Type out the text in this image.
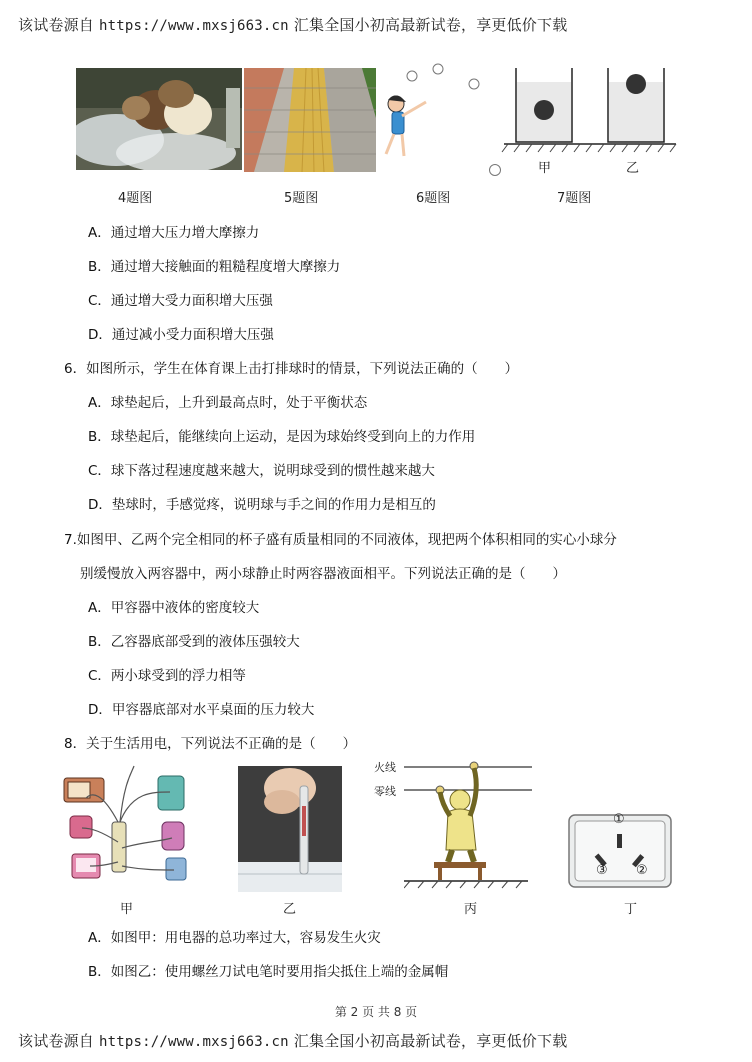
该试卷源自 https://www.mxsj663.cn 汇集全国小初高最新试卷，享更低价下载
甲	乙
4题图	5题图	6题图	7题图
A．通过增大压力增大摩擦力
B．通过增大接触面的粗糙程度增大摩擦力
C．通过增大受力面积增大压强
D．通过减小受力面积增大压强
6．如图所示，学生在体育课上击打排球时的情景，下列说法正确的（　　）
A．球垫起后，上升到最高点时，处于平衡状态
B．球垫起后，能继续向上运动，是因为球始终受到向上的力作用
C．球下落过程速度越来越大，说明球受到的惯性越来越大
D．垫球时，手感觉疼，说明球与手之间的作用力是相互的
7.如图甲、乙两个完全相同的杯子盛有质量相同的不同液体，现把两个体积相同的实心小球分
别缓慢放入两容器中，两小球静止时两容器液面相平。下列说法正确的是（　　）
A．甲容器中液体的密度较大
B．乙容器底部受到的液体压强较大
C．两小球受到的浮力相等
D．甲容器底部对水平桌面的压力较大
8．关于生活用电，下列说法不正确的是（　　）
甲	乙
火线
零线
丙
①
②
③
丁
A．如图甲：用电器的总功率过大，容易发生火灾
B．如图乙：使用螺丝刀试电笔时要用指尖抵住上端的金属帽
第 2 页 共 8 页
该试卷源自 https://www.mxsj663.cn 汇集全国小初高最新试卷，享更低价下载
